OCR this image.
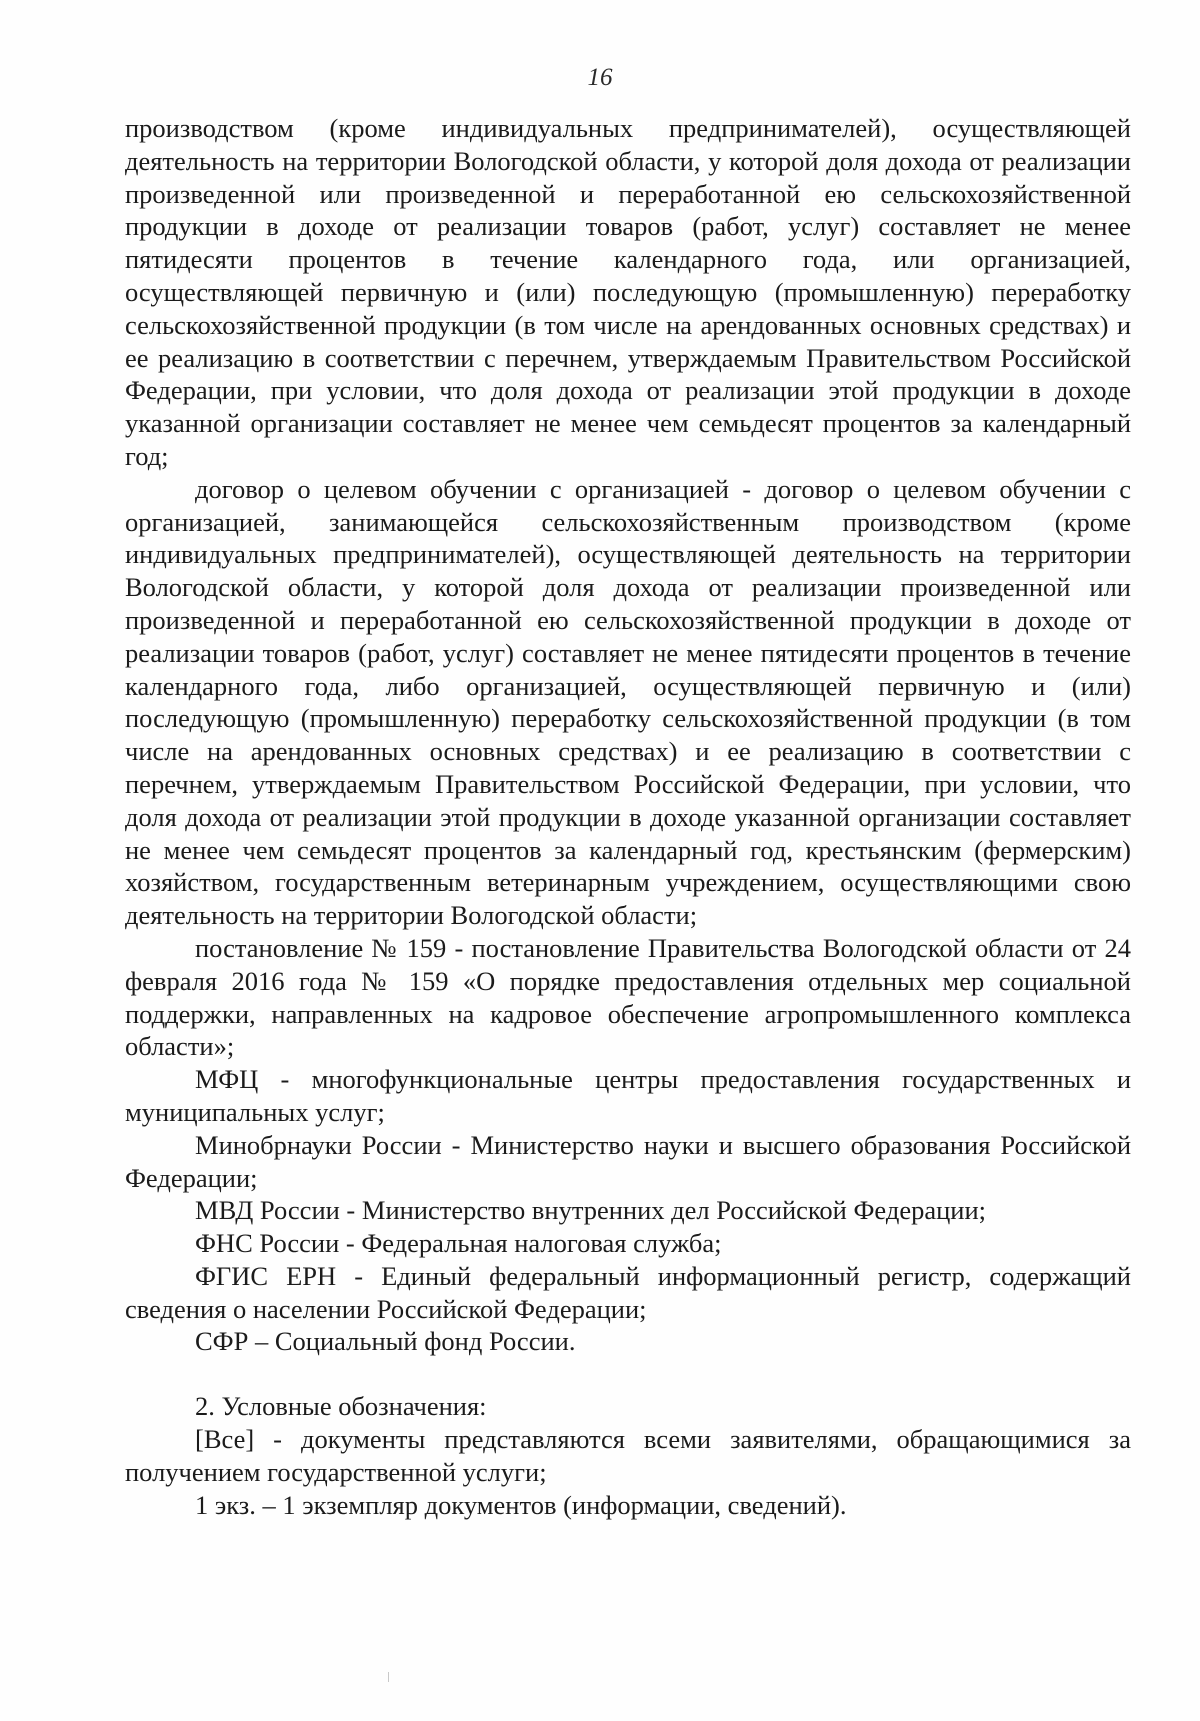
16

производством (кроме индивидуальных предпринимателей), осуществляющей деятельность на территории Вологодской области, у которой доля дохода от реализации произведенной или произведенной и переработанной ею сельскохозяйственной продукции в доходе от реализации товаров (работ, услуг) составляет не менее пятидесяти процентов в течение календарного года, или организацией, осуществляющей первичную и (или) последующую (промышленную) переработку сельскохозяйственной продукции (в том числе на арендованных основных средствах) и ее реализацию в соответствии с перечнем, утверждаемым Правительством Российской Федерации, при условии, что доля дохода от реализации этой продукции в доходе указанной организации составляет не менее чем семьдесят процентов за календарный год;

договор о целевом обучении с организацией - договор о целевом обучении с организацией, занимающейся сельскохозяйственным производством (кроме индивидуальных предпринимателей), осуществляющей деятельность на территории Вологодской области, у которой доля дохода от реализации произведенной или произведенной и переработанной ею сельскохозяйственной продукции в доходе от реализации товаров (работ, услуг) составляет не менее пятидесяти процентов в течение календарного года, либо организацией, осуществляющей первичную и (или) последующую (промышленную) переработку сельскохозяйственной продукции (в том числе на арендованных основных средствах) и ее реализацию в соответствии с перечнем, утверждаемым Правительством Российской Федерации, при условии, что доля дохода от реализации этой продукции в доходе указанной организации составляет не менее чем семьдесят процентов за календарный год, крестьянским (фермерским) хозяйством, государственным ветеринарным учреждением, осуществляющими свою деятельность на территории Вологодской области;

постановление № 159 - постановление Правительства Вологодской области от 24 февраля 2016 года № 159 «О порядке предоставления отдельных мер социальной поддержки, направленных на кадровое обеспечение агропромышленного комплекса области»;

МФЦ - многофункциональные центры предоставления государственных и муниципальных услуг;

Минобрнауки России - Министерство науки и высшего образования Российской Федерации;

МВД России - Министерство внутренних дел Российской Федерации;

ФНС России - Федеральная налоговая служба;

ФГИС ЕРН - Единый федеральный информационный регистр, содержащий сведения о населении Российской Федерации;

СФР – Социальный фонд России.

2. Условные обозначения:

[Все] - документы представляются всеми заявителями, обращающимися за получением государственной услуги;

1 экз. – 1 экземпляр документов (информации, сведений).
